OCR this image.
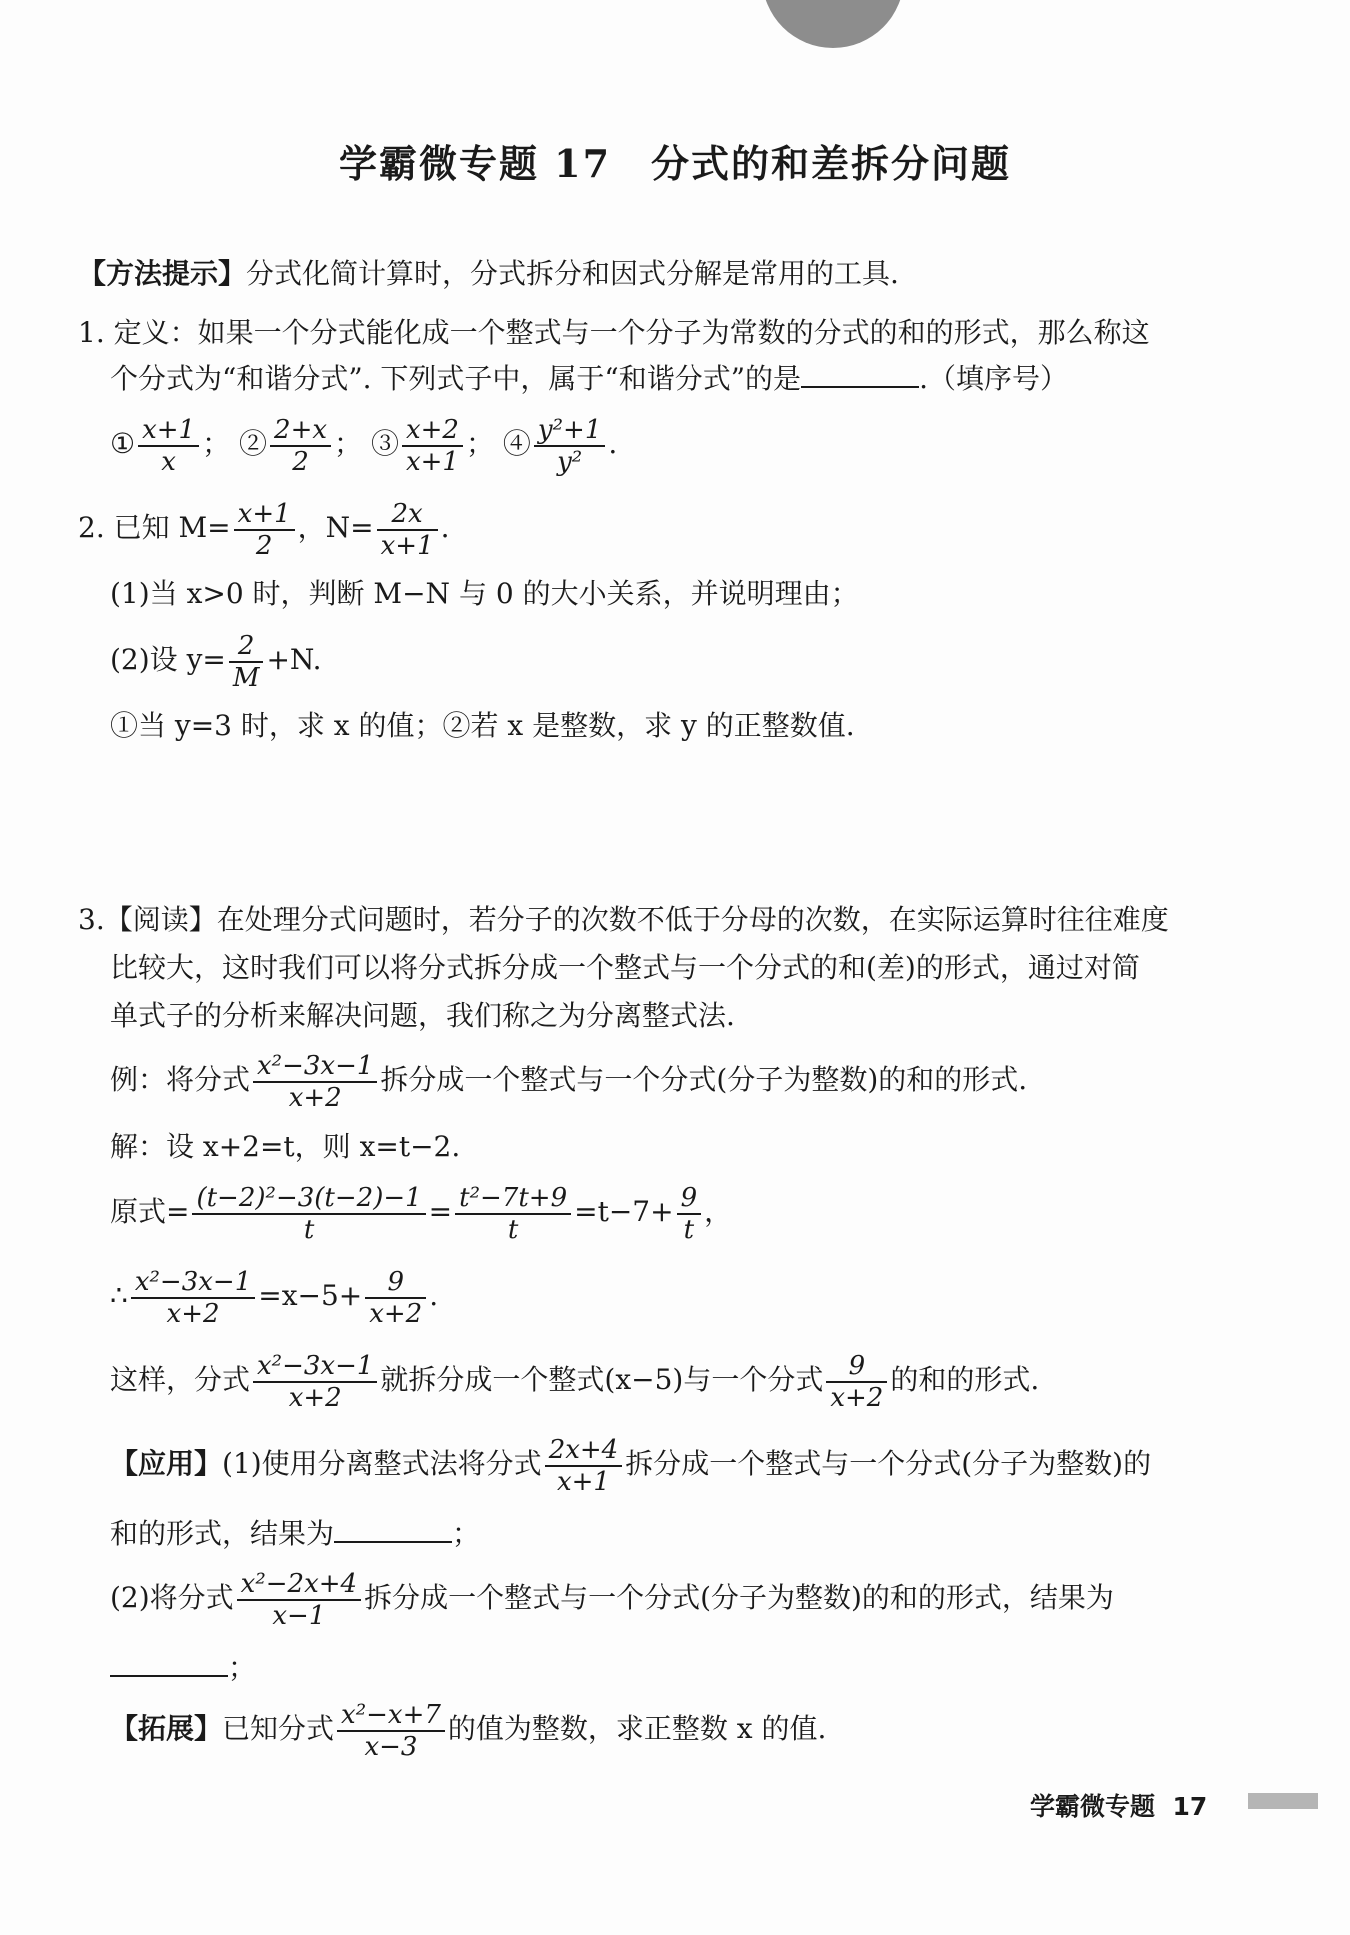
学霸微专题 17　分式的和差拆分问题
【方法提示】分式化简计算时，分式拆分和因式分解是常用的工具.
1. 定义：如果一个分式能化成一个整式与一个分子为常数的分式的和的形式，那么称这
个分式为“和谐分式”. 下列式子中，属于“和谐分式”的是	.（填序号）
① $\frac{x+1}{x}$ ； ② $\frac{2+x}{2}$ ； ③ $\frac{x+2}{x+1}$ ； ④ $\frac{\text{y²+1}}{\text{y²}}$ .
2. 已知 $M= \frac{x+1}{2}$ ，$N= \frac{2x}{x+1}$ .
(1)当 x>0 时，判断 M−N 与 0 的大小关系，并说明理由；
(2)设 $y= \frac{2}{M} +N$.
①当 y=3 时，求 x 的值；②若 x 是整数，求 y 的正整数值.
3.【阅读】在处理分式问题时，若分子的次数不低于分母的次数，在实际运算时往往难度
比较大，这时我们可以将分式拆分成一个整式与一个分式的和(差)的形式，通过对简
单式子的分析来解决问题，我们称之为分离整式法.
例：将分式 $\frac{\text{x²−3x−1}}{x+2}$ 拆分成一个整式与一个分式(分子为整数)的和的形式.
解：设 x+2=t，则 x=t−2.
原式= $\frac{\text{(t−2)²−3(t−2)−1}}{t} = \frac{\text{t²−7t+9}}{t} =t-7+ \frac{9}{t}$ ，
∴ $\frac{\text{x²−3x−1}}{x+2} =x-5+ \frac{9}{x+2}$ .
这样，分式 $\frac{\text{x²−3x−1}}{x+2}$ 就拆分成一个整式(x−5)与一个分式 $\frac{9}{x+2}$ 的和的形式.
【应用】(1)使用分离整式法将分式 $\frac{2x+4}{x+1}$ 拆分成一个整式与一个分式(分子为整数)的
和的形式，结果为	；
(2)将分式 $\frac{\text{x²−2x+4}}{x-1}$ 拆分成一个整式与一个分式(分子为整数)的和的形式，结果为
；
【拓展】已知分式 $\frac{\text{x²−x+7}}{x-3}$ 的值为整数，求正整数 x 的值.
学霸微专题 17
